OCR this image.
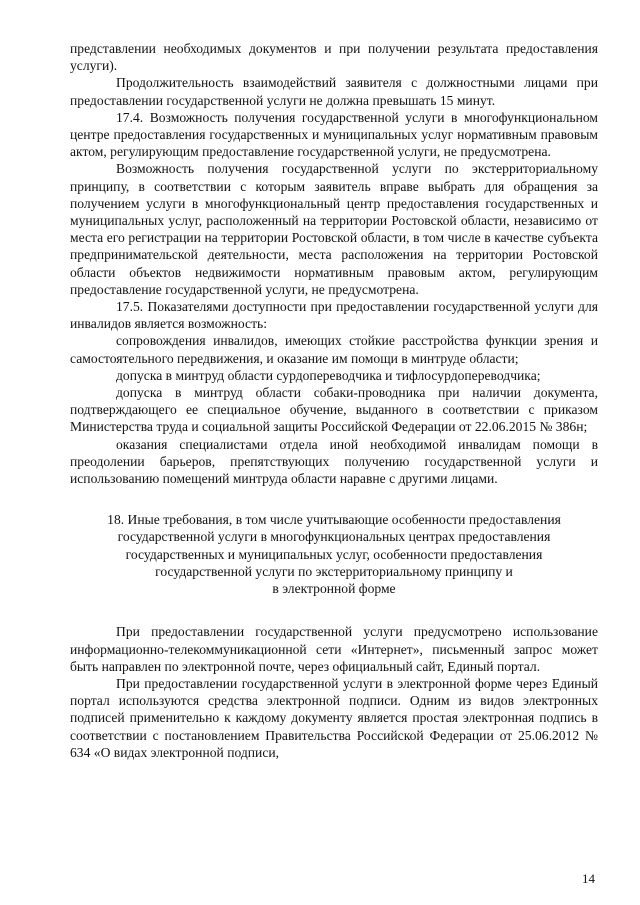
представлении необходимых документов и при получении результата предоставления услуги).

Продолжительность взаимодействий заявителя с должностными лицами при предоставлении государственной услуги не должна превышать 15 минут.

17.4. Возможность получения государственной услуги в многофункциональном центре предоставления государственных и муниципальных услуг нормативным правовым актом, регулирующим предоставление государственной услуги, не предусмотрена.

Возможность получения государственной услуги по экстерриториальному принципу, в соответствии с которым заявитель вправе выбрать для обращения за получением услуги в многофункциональный центр предоставления государственных и муниципальных услуг, расположенный на территории Ростовской области, независимо от места его регистрации на территории Ростовской области, в том числе в качестве субъекта предпринимательской деятельности, места расположения на территории Ростовской области объектов недвижимости нормативным правовым актом, регулирующим предоставление государственной услуги, не предусмотрена.

17.5. Показателями доступности при предоставлении государственной услуги для инвалидов является возможность:

сопровождения инвалидов, имеющих стойкие расстройства функции зрения и самостоятельного передвижения, и оказание им помощи в минтруде области;

допуска в минтруд области сурдопереводчика и тифлосурдопереводчика;

допуска в минтруд области собаки-проводника при наличии документа, подтверждающего ее специальное обучение, выданного в соответствии с приказом Министерства труда и социальной защиты Российской Федерации от 22.06.2015 № 386н;

оказания специалистами отдела иной необходимой инвалидам помощи в преодолении барьеров, препятствующих получению государственной услуги и использованию помещений минтруда области наравне с другими лицами.

18. Иные требования, в том числе учитывающие особенности предоставления
государственной услуги в многофункциональных центрах предоставления
государственных и муниципальных услуг, особенности предоставления
государственной услуги по экстерриториальному принципу и
в электронной форме

При предоставлении государственной услуги предусмотрено использование информационно-телекоммуникационной сети «Интернет», письменный запрос может быть направлен по электронной почте, через официальный сайт, Единый портал.

При предоставлении государственной услуги в электронной форме через Единый портал используются средства электронной подписи. Одним из видов электронных подписей применительно к каждому документу является простая электронная подпись в соответствии с постановлением Правительства Российской Федерации от 25.06.2012 № 634 «О видах электронной подписи,

14
